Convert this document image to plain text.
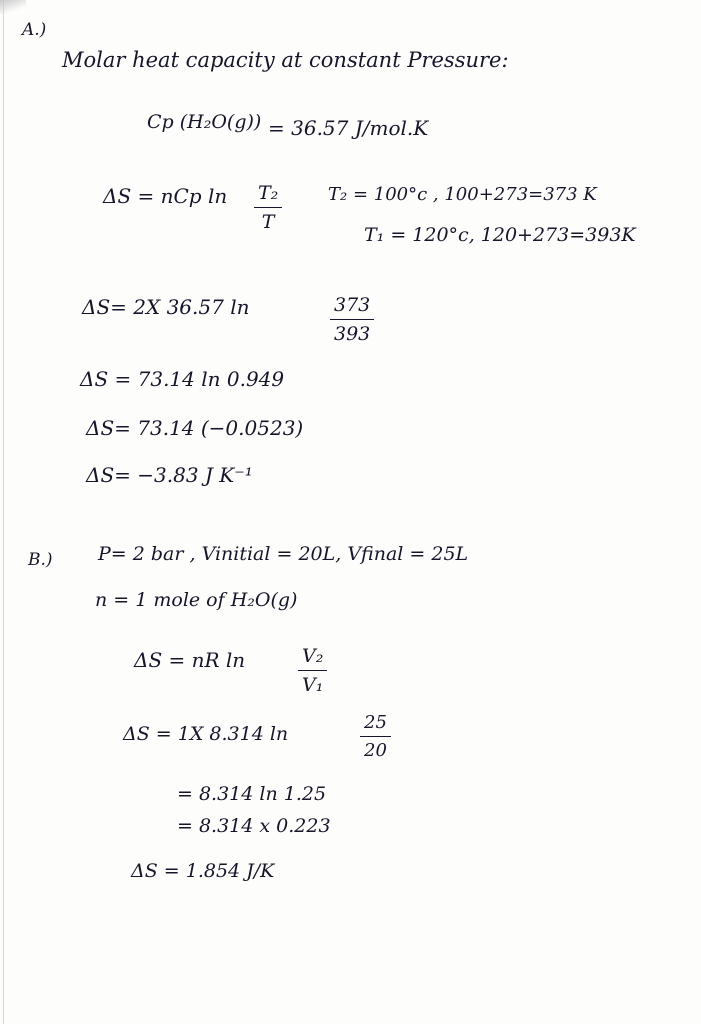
A.)
Molar heat capacity at constant Pressure:
Cp (H₂O(g)) = 36.57 J/mol.K
ΔS = nCp $\ln \frac{\text{T₂}}{T}$	T₂ = 100°c , 100+273=373 K
T₁ = 120°c, 120+273=393K
ΔS= 2X 36.57 ln	$\frac{373}{393}$
ΔS = 73.14 ln 0.949
ΔS= 73.14 (−0.0523)
ΔS= −3.83 J K⁻¹
B.) P= 2 bar , Vinitial = 20L, Vfinal = 25L
n = 1 mole of H₂O(g)
ΔS = nR ln	$\frac{\text{V₂}}{\text{V₁}}$
ΔS = 1X 8.314 ln	$\frac{25}{20}$
= 8.314 ln 1.25
= 8.314 x 0.223
ΔS = 1.854 J/K
